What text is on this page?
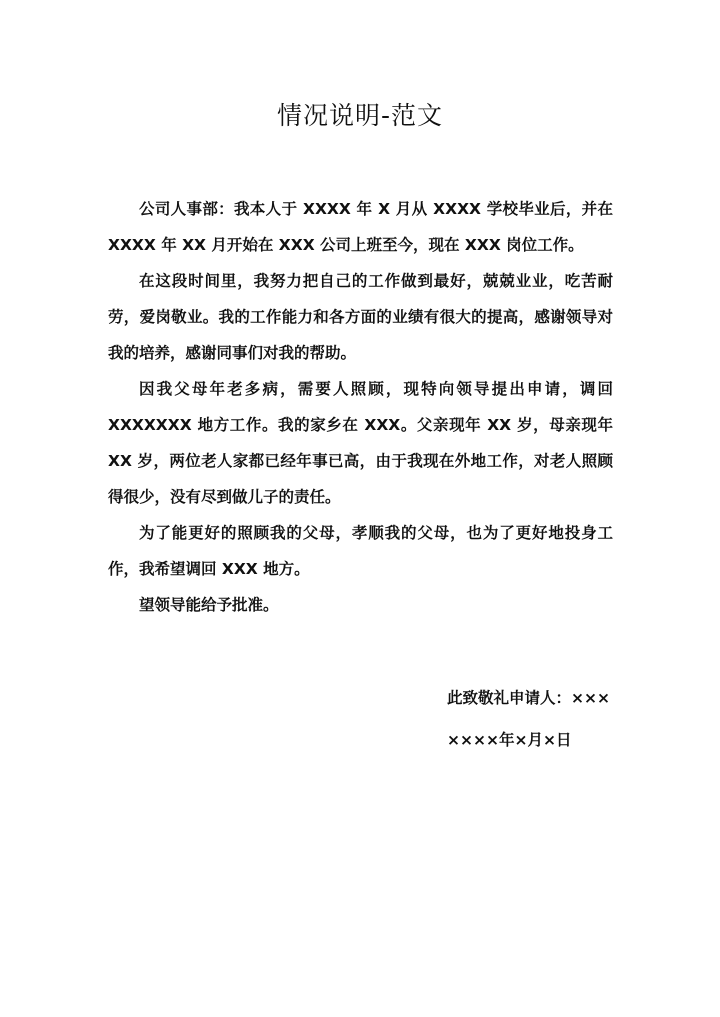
情况说明-范文

公司人事部：我本人于 XXXX 年 X 月从 XXXX 学校毕业后，并在 XXXX 年 XX 月开始在 XXX 公司上班至今，现在 XXX 岗位工作。

在这段时间里，我努力把自己的工作做到最好，兢兢业业，吃苦耐劳，爱岗敬业。我的工作能力和各方面的业绩有很大的提高，感谢领导对我的培养，感谢同事们对我的帮助。

因我父母年老多病，需要人照顾，现特向领导提出申请，调回 XXXXXXX 地方工作。我的家乡在 XXX。父亲现年 XX 岁，母亲现年 XX 岁，两位老人家都已经年事已高，由于我现在外地工作，对老人照顾得很少，没有尽到做儿子的责任。

为了能更好的照顾我的父母，孝顺我的父母，也为了更好地投身工作，我希望调回 XXX 地方。

望领导能给予批准。

此致敬礼申请人：×××
××××年×月×日
